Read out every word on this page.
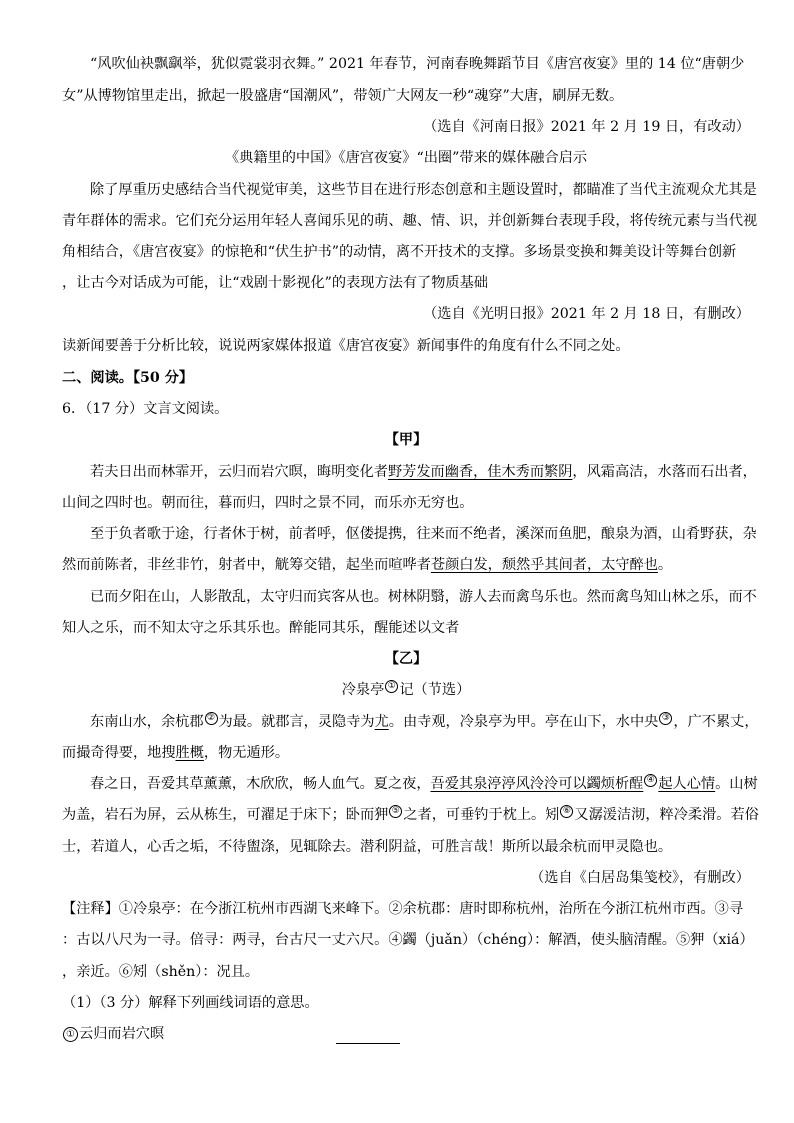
“风吹仙袂飘飖举，犹似霓裳羽衣舞。” 2021 年春节，河南春晚舞蹈节目《唐宫夜宴》里的 14 位“唐朝少
女”从博物馆里走出，掀起一股盛唐“国潮风”，带领广大网友一秒“魂穿”大唐，刷屏无数。
（选自《河南日报》2021 年 2 月 19 日，有改动）
《典籍里的中国》《唐宫夜宴》“出圈”带来的媒体融合启示
除了厚重历史感结合当代视觉审美，这些节目在进行形态创意和主题设置时，都瞄准了当代主流观众尤其是
青年群体的需求。它们充分运用年轻人喜闻乐见的萌、趣、情、识，并创新舞台表现手段，将传统元素与当代视
角相结合，《唐宫夜宴》的惊艳和“伏生护书”的动情，离不开技术的支撑。多场景变换和舞美设计等舞台创新
，让古今对话成为可能，让“戏剧十影视化”的表现方法有了物质基础
（选自《光明日报》2021 年 2 月 18 日，有删改）
读新闻要善于分析比较，说说两家媒体报道《唐宫夜宴》新闻事件的角度有什么不同之处。
二、阅读。【50 分】
6．（17 分）文言文阅读。
【甲】
若夫日出而林霏开，云归而岩穴暝，晦明变化者野芳发而幽香，佳木秀而繁阴，风霜高洁，水落而石出者，
山间之四时也。朝而往，暮而归，四时之景不同，而乐亦无穷也。
至于负者歌于途，行者休于树，前者呼，伛偻提携，往来而不绝者，溪深而鱼肥，酿泉为酒，山肴野获，杂
然而前陈者，非丝非竹，射者中，觥筹交错，起坐而喧哗者苍颜白发，颓然乎其间者，太守醉也。
已而夕阳在山，人影散乱，太守归而宾客从也。树林阴翳，游人去而禽鸟乐也。然而禽鸟知山林之乐，而不
知人之乐，而不知太守之乐其乐也。醉能同其乐，醒能述以文者
【乙】
冷泉亭 ① 记（节选）
东南山水，余杭郡 ② 为最。就郡言，灵隐寺为尤。由寺观，冷泉亭为甲。亭在山下，水中央 ③ ，广不累丈，
而撮奇得要，地搜胜概，物无遁形。
春之日，吾爱其草薰薰，木欣欣，畅人血气。夏之夜，吾爱其泉渟渟风泠泠可以蠲烦析酲 ④ 起人心情。山树
为盖，岩石为屏，云从栋生，可濯足于床下；卧而狎 ⑤ 之者，可垂钓于枕上。矧 ⑥ 又潺湲洁沏，粹冷柔滑。若俗
士，若道人，心舌之垢，不待盥涤，见辄除去。潜利阴益，可胜言哉！斯所以最余杭而甲灵隐也。
（选自《白居岛集笺校》，有删改）
【注释】①冷泉亭：在今浙江杭州市西湖飞来峰下。②余杭郡：唐时即称杭州，治所在今浙江杭州市西。③寻
：古以八尺为一寻。倍寻：两寻，台古尺一丈六尺。④蠲（juǎn）（chéng）：解酒，使头脑清醒。⑤狎（xiá）
，亲近。⑥矧（shěn）：况且。
（1）（3 分）解释下列画线词语的意思。
① 云归而岩穴暝
